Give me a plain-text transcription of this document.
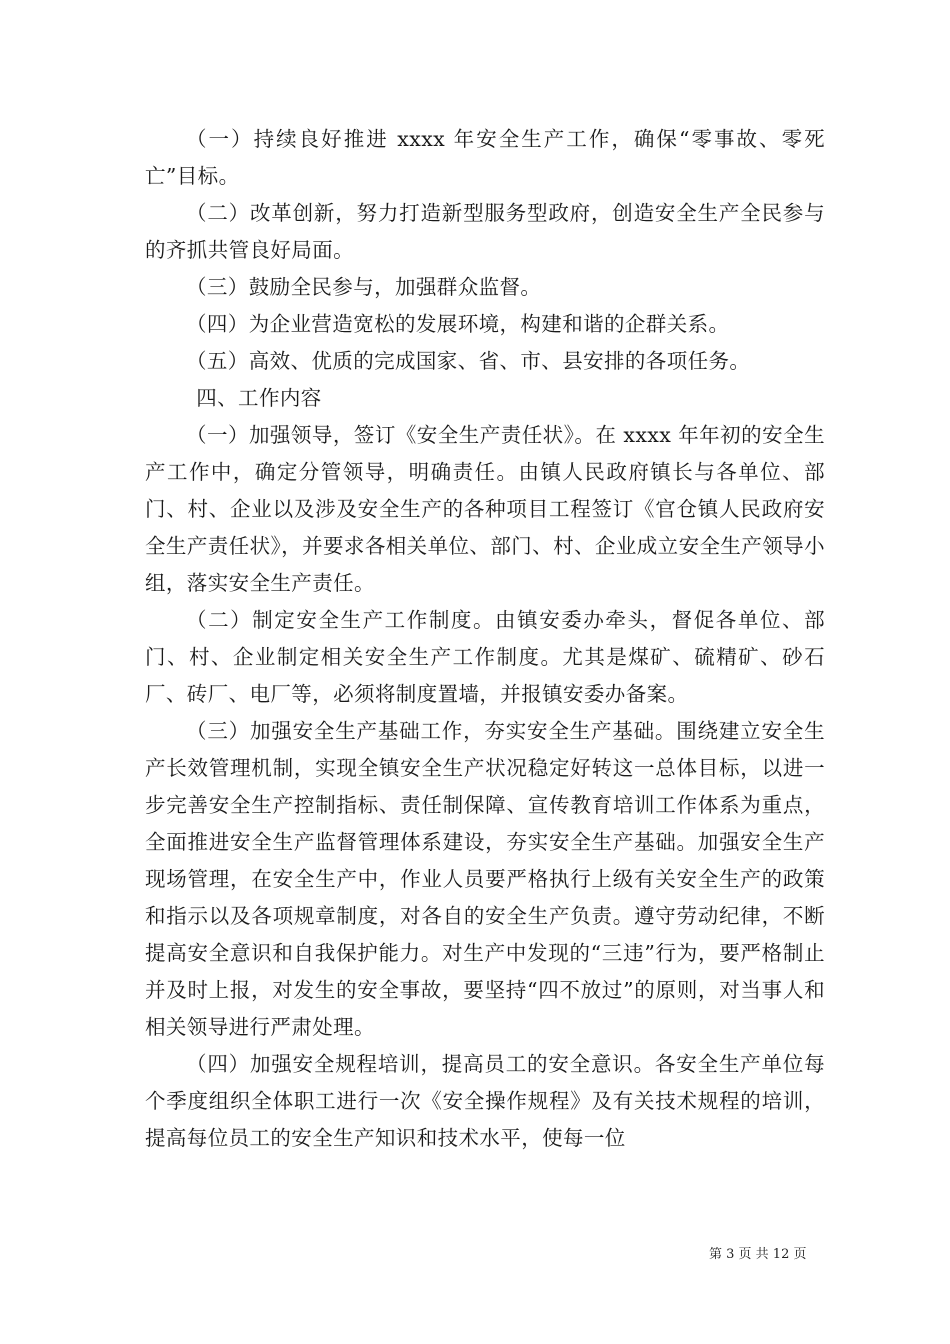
（一）持续良好推进 xxxx 年安全生产工作，确保“零事故、零死亡”目标。

（二）改革创新，努力打造新型服务型政府，创造安全生产全民参与的齐抓共管良好局面。

（三）鼓励全民参与，加强群众监督。

（四）为企业营造宽松的发展环境，构建和谐的企群关系。

（五）高效、优质的完成国家、省、市、县安排的各项任务。

四、工作内容

（一）加强领导，签订《安全生产责任状》。在 xxxx 年年初的安全生产工作中，确定分管领导，明确责任。由镇人民政府镇长与各单位、部门、村、企业以及涉及安全生产的各种项目工程签订《官仓镇人民政府安全生产责任状》，并要求各相关单位、部门、村、企业成立安全生产领导小组，落实安全生产责任。

（二）制定安全生产工作制度。由镇安委办牵头，督促各单位、部门、村、企业制定相关安全生产工作制度。尤其是煤矿、硫精矿、砂石厂、砖厂、电厂等，必须将制度置墙，并报镇安委办备案。

（三）加强安全生产基础工作，夯实安全生产基础。围绕建立安全生产长效管理机制，实现全镇安全生产状况稳定好转这一总体目标，以进一步完善安全生产控制指标、责任制保障、宣传教育培训工作体系为重点，全面推进安全生产监督管理体系建设，夯实安全生产基础。加强安全生产现场管理，在安全生产中，作业人员要严格执行上级有关安全生产的政策和指示以及各项规章制度，对各自的安全生产负责。遵守劳动纪律，不断提高安全意识和自我保护能力。对生产中发现的“三违”行为，要严格制止并及时上报，对发生的安全事故，要坚持“四不放过”的原则，对当事人和相关领导进行严肃处理。

（四）加强安全规程培训，提高员工的安全意识。各安全生产单位每个季度组织全体职工进行一次《安全操作规程》及有关技术规程的培训，提高每位员工的安全生产知识和技术水平，使每一位

第 3 页 共 12 页
